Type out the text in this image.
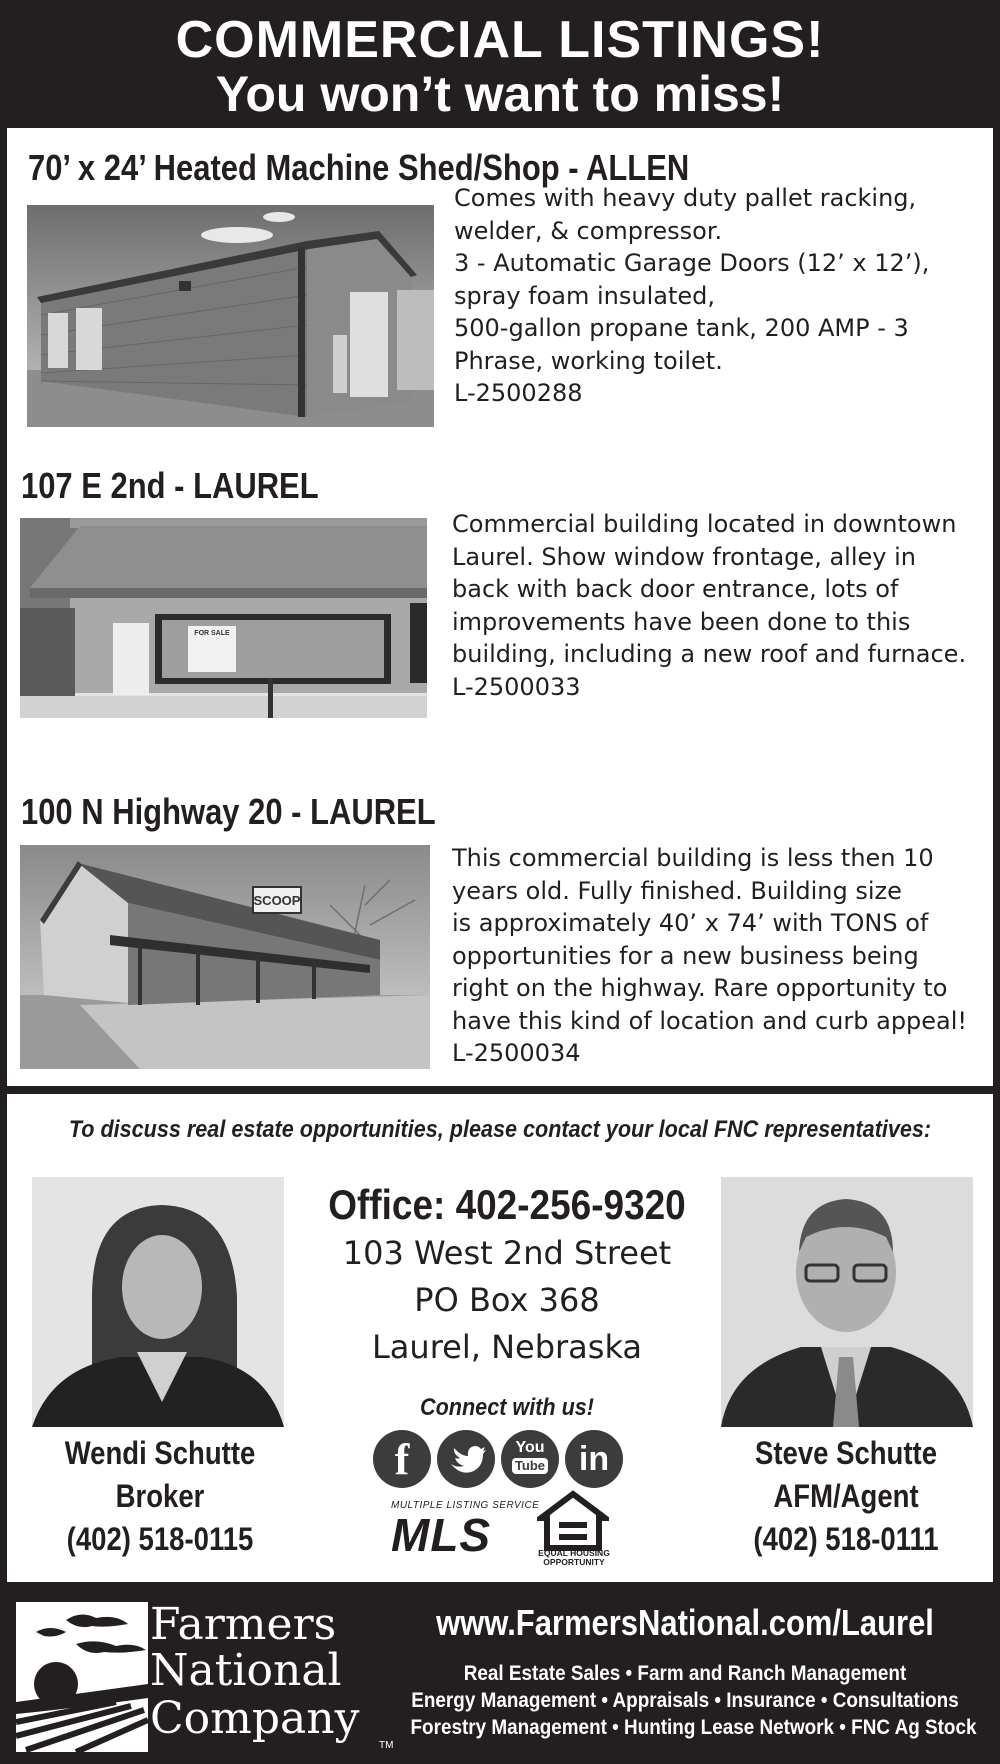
COMMERCIAL LISTINGS!
You won’t want to miss!
70’ x 24’ Heated Machine Shed/Shop - ALLEN
Comes with heavy duty pallet racking,
welder, & compressor.
3 - Automatic Garage Doors (12’ x 12’),
spray foam insulated,
500-gallon propane tank, 200 AMP - 3
Phrase, working toilet.
L-2500288
107 E 2nd - LAUREL
FOR SALE
Commercial building located in downtown
Laurel. Show window frontage, alley in
back with back door entrance, lots of
improvements have been done to this
building, including a new roof and furnace.
L-2500033
100 N Highway 20 - LAUREL
SCOOP
This commercial building is less then 10
years old. Fully finished. Building size
is approximately 40’ x 74’ with TONS of
opportunities for a new business being
right on the highway. Rare opportunity to
have this kind of location and curb appeal!
L-2500034
To discuss real estate opportunities, please contact your local FNC representatives:
Wendi Schutte
Broker
(402) 518-0115
Steve Schutte
AFM/Agent
(402) 518-0111
Office: 402-256-9320
103 West 2nd Street
PO Box 368
Laurel, Nebraska
Connect with us!
f	You
Tube in
MULTIPLE LISTING SERVICE
MLS	EQUAL HOUSING
OPPORTUNITY
Farmers
National
Company
TM
www.FarmersNational.com/Laurel
Real Estate Sales • Farm and Ranch Management
Energy Management • Appraisals • Insurance • Consultations
Forestry Management • Hunting Lease Network • FNC Ag Stock
